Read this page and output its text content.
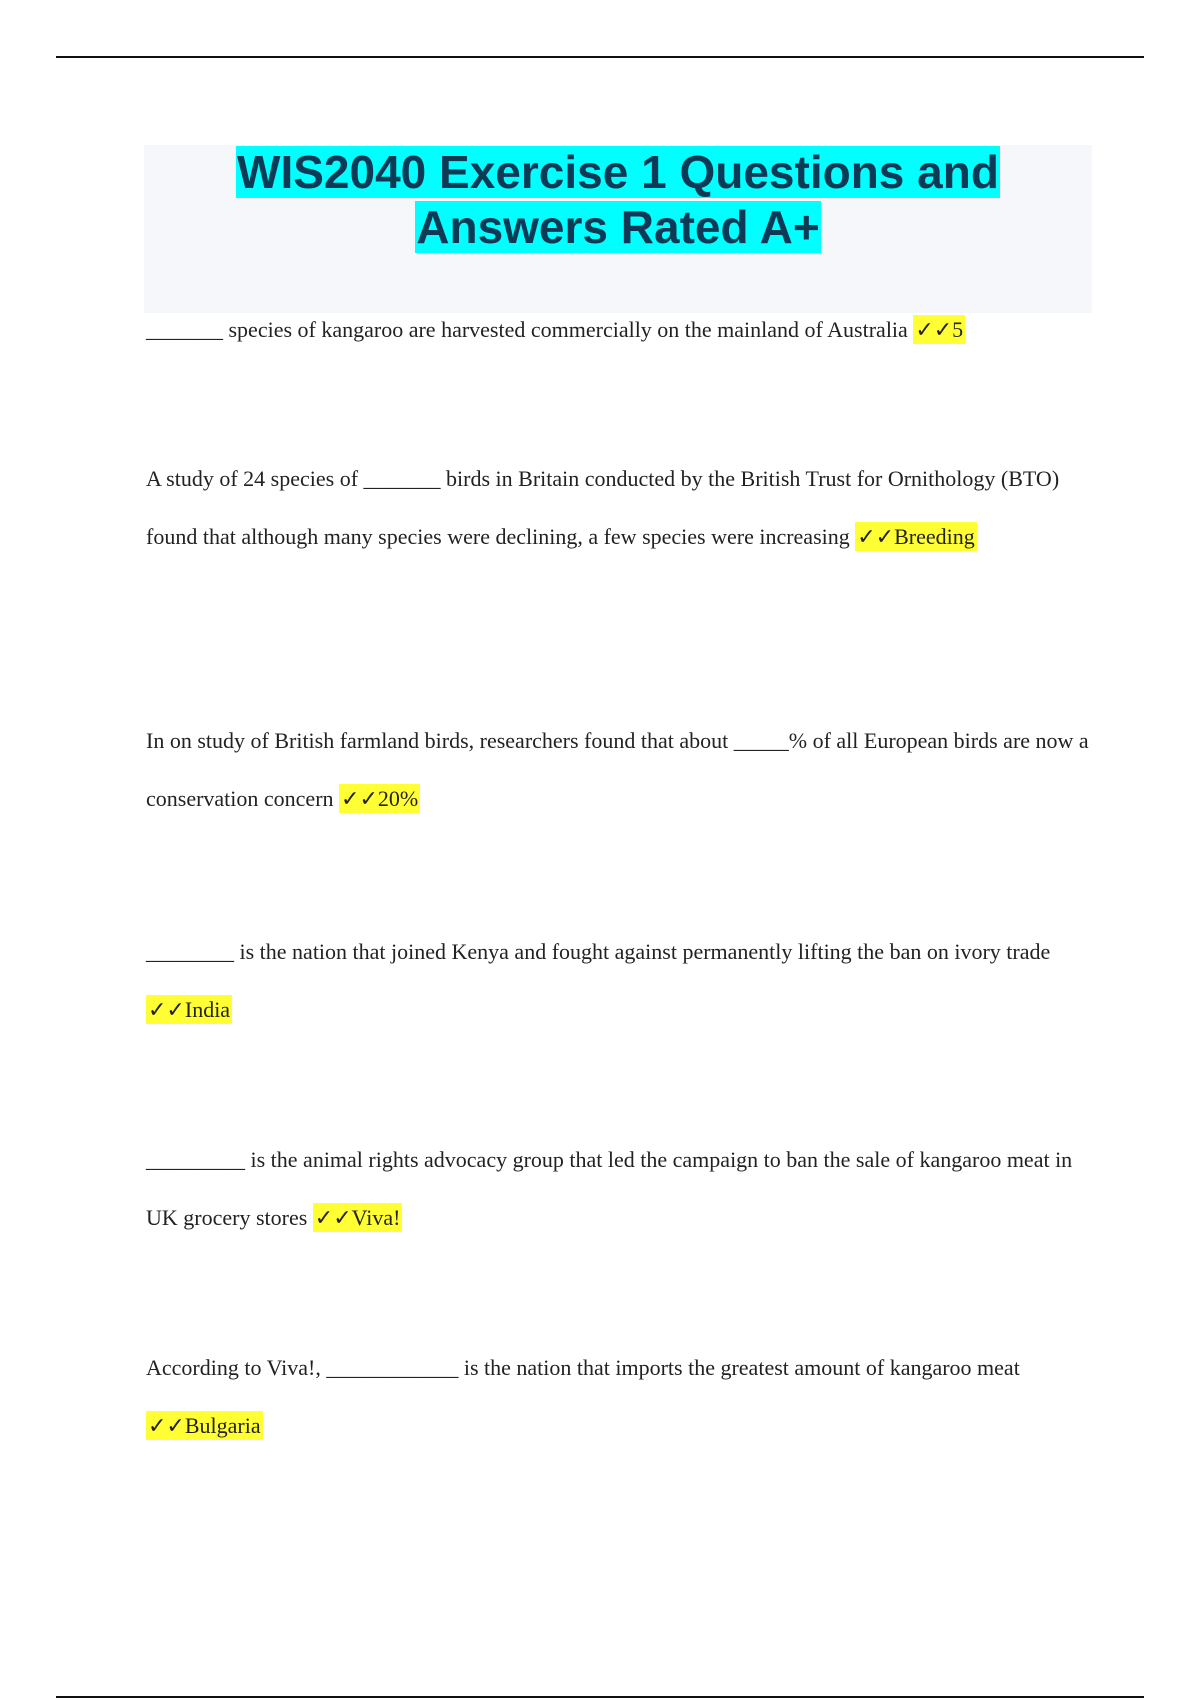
WIS2040 Exercise 1 Questions and
Answers Rated A+

_______ species of kangaroo are harvested commercially on the mainland of Australia ✓✓5

A study of 24 species of _______ birds in Britain conducted by the British Trust for Ornithology (BTO) found that although many species were declining, a few species were increasing ✓✓Breeding

In on study of British farmland birds, researchers found that about _____% of all European birds are now a conservation concern ✓✓20%

________ is the nation that joined Kenya and fought against permanently lifting the ban on ivory trade ✓✓India

_________ is the animal rights advocacy group that led the campaign to ban the sale of kangaroo meat in UK grocery stores ✓✓Viva!

According to Viva!, ____________ is the nation that imports the greatest amount of kangaroo meat ✓✓Bulgaria
